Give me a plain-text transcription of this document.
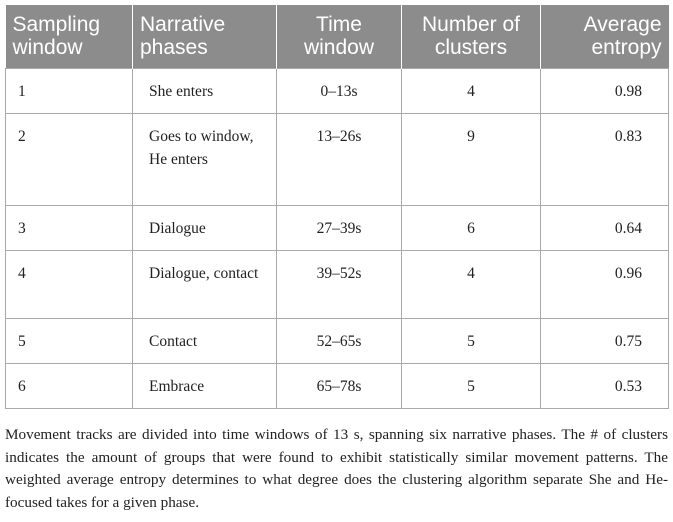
Sampling window	Narrative phases	Time window	Number of clusters	Average entropy
1	She enters	0–13s	4	0.98
2	Goes to window, He enters	13–26s	9	0.83
3	Dialogue	27–39s	6	0.64
4	Dialogue, contact	39–52s	4	0.96
5	Contact	52–65s	5	0.75
6	Embrace	65–78s	5	0.53

Movement tracks are divided into time windows of 13 s, spanning six narrative phases. The # of clusters indicates the amount of groups that were found to exhibit statistically similar movement patterns. The weighted average entropy determines to what degree does the clustering algorithm separate She and He-focused takes for a given phase.
